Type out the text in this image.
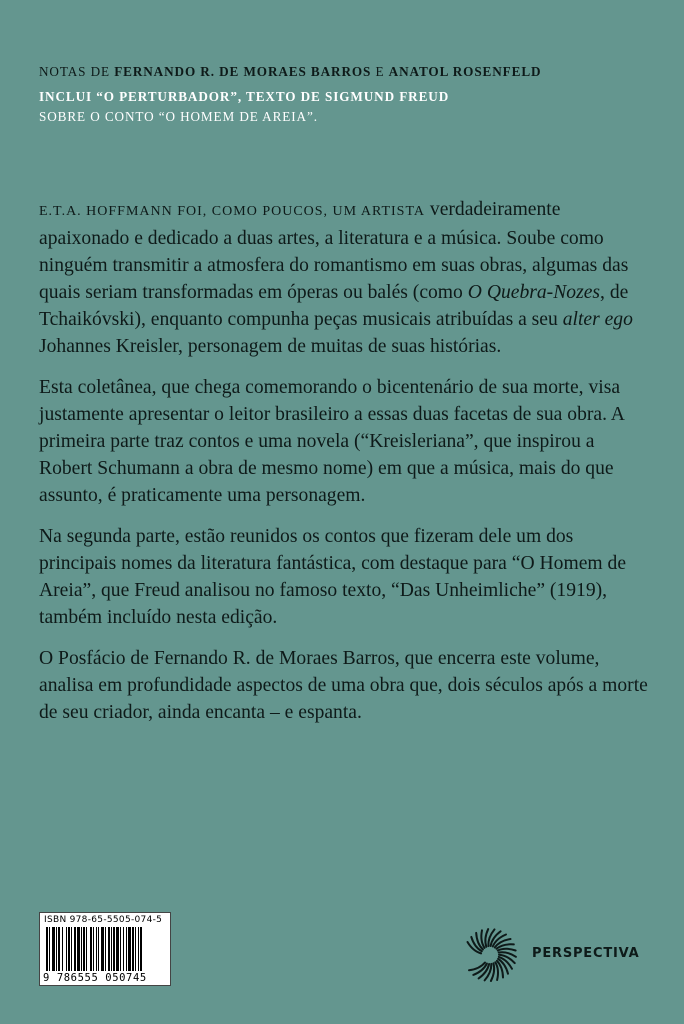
NOTAS DE FERNANDO R. DE MORAES BARROS E ANATOL ROSENFELD
INCLUI “O PERTURBADOR”, TEXTO DE SIGMUND FREUD
SOBRE O CONTO “O HOMEM DE AREIA”.

E.T.A. HOFFMANN FOI, COMO POUCOS, UM ARTISTA verdadeiramente apaixonado e dedicado a duas artes, a literatura e a música. Soube como ninguém transmitir a atmosfera do romantismo em suas obras, algumas das quais seriam transformadas em óperas ou balés (como O Quebra-Nozes, de Tchaikóvski), enquanto compunha peças musicais atribuídas a seu alter ego Johannes Kreisler, personagem de muitas de suas histórias.

Esta coletânea, que chega comemorando o bicentenário de sua morte, visa justamente apresentar o leitor brasileiro a essas duas facetas de sua obra. A primeira parte traz contos e uma novela (“Kreisleriana”, que inspirou a Robert Schumann a obra de mesmo nome) em que a música, mais do que assunto, é praticamente uma personagem.

Na segunda parte, estão reunidos os contos que fizeram dele um dos principais nomes da literatura fantástica, com destaque para “O Homem de Areia”, que Freud analisou no famoso texto, “Das Unheimliche” (1919), também incluído nesta edição.

O Posfácio de Fernando R. de Moraes Barros, que encerra este volume, analisa em profundidade aspectos de uma obra que, dois séculos após a morte de seu criador, ainda encanta – e espanta.

ISBN 978-65-5505-074-5
9 786555 050745
PERSPECTIVA
